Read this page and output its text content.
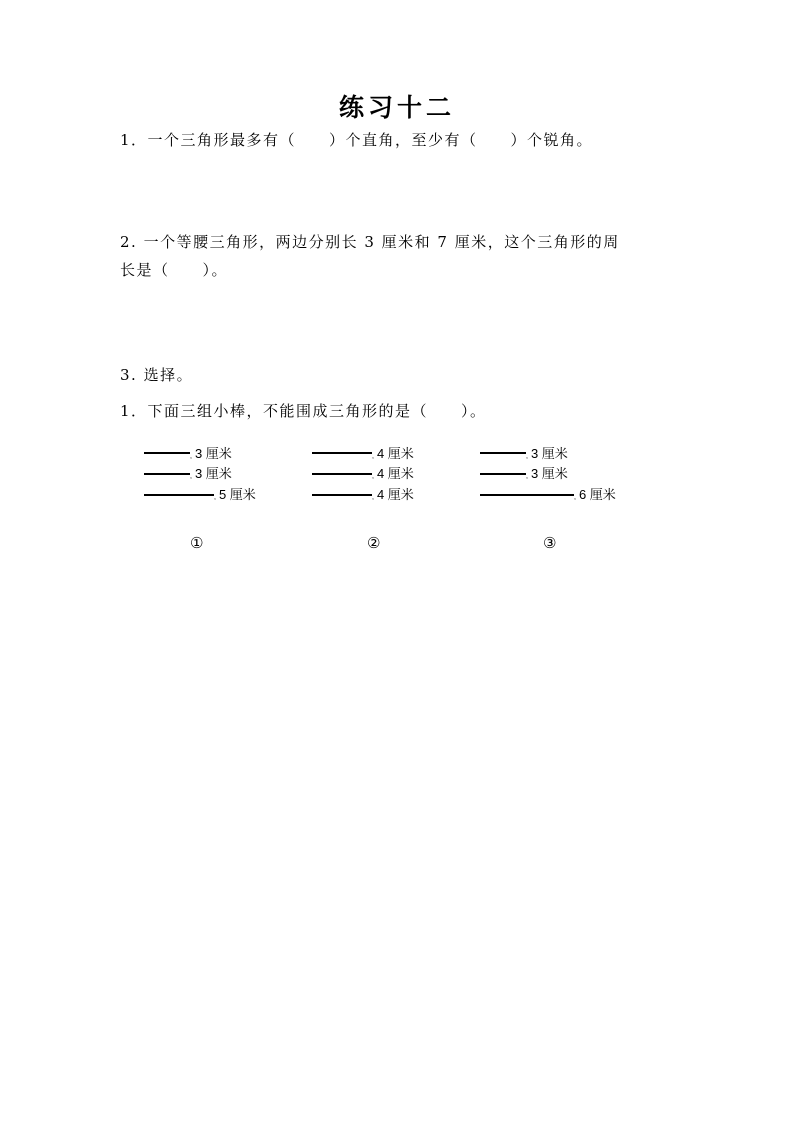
练习十二
1．一个三角形最多有（　　）个直角，至少有（　　）个锐角。
2. 一个等腰三角形，两边分别长 3 厘米和 7 厘米，这个三角形的周
长是（　　）。
3. 选择。
1．下面三组小棒，不能围成三角形的是（　　）。
, 3 厘米
, 3 厘米
, 5 厘米
①
, 4 厘米
, 4 厘米
, 4 厘米
②
, 3 厘米
, 3 厘米
, 6 厘米
③
